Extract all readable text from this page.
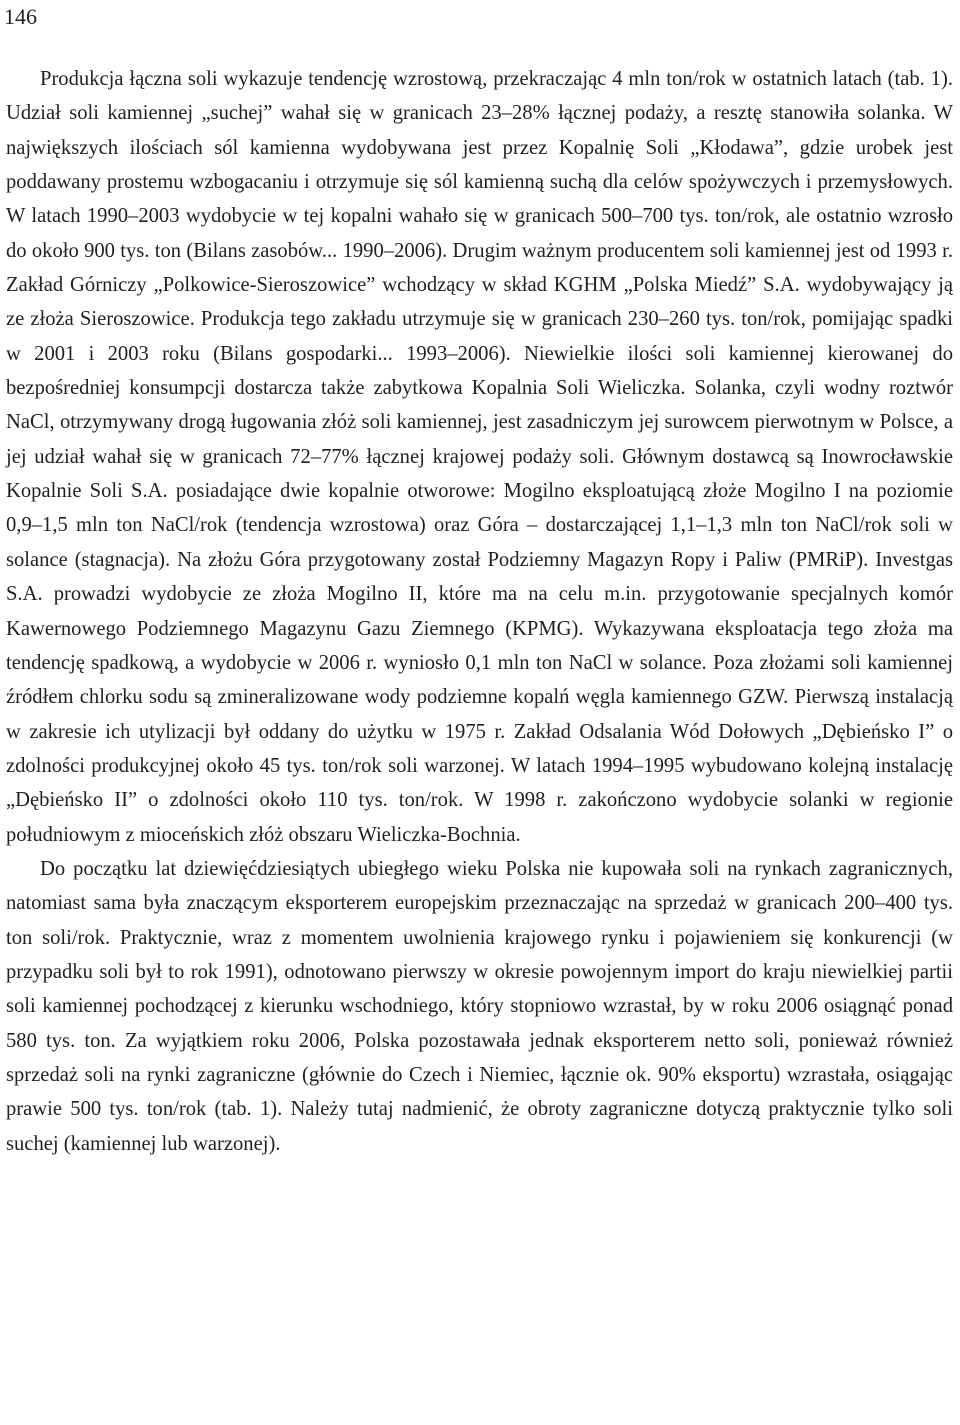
146

Produkcja łączna soli wykazuje tendencję wzrostową, przekraczając 4 mln ton/rok w ostatnich latach (tab. 1). Udział soli kamiennej „suchej” wahał się w granicach 23–28% łącznej podaży, a resztę stanowiła solanka. W największych ilościach sól kamienna wydobywana jest przez Kopalnię Soli „Kłodawa”, gdzie urobek jest poddawany prostemu wzbogacaniu i otrzymuje się sól kamienną suchą dla celów spożywczych i przemysłowych. W latach 1990–2003 wydobycie w tej kopalni wahało się w granicach 500–700 tys. ton/rok, ale ostatnio wzrosło do około 900 tys. ton (Bilans zasobów... 1990–2006). Drugim ważnym producentem soli kamiennej jest od 1993 r. Zakład Górniczy „Polkowice-Sieroszowice” wchodzący w skład KGHM „Polska Miedź” S.A. wydobywający ją ze złoża Sieroszowice. Produkcja tego zakładu utrzymuje się w granicach 230–260 tys. ton/rok, pomijając spadki w 2001 i 2003 roku (Bilans gospodarki... 1993–2006). Niewielkie ilości soli kamiennej kierowanej do bezpośredniej konsumpcji dostarcza także zabytkowa Kopalnia Soli Wieliczka. Solanka, czyli wodny roztwór NaCl, otrzymywany drogą ługowania złóż soli kamiennej, jest zasadniczym jej surowcem pierwotnym w Polsce, a jej udział wahał się w granicach 72–77% łącznej krajowej podaży soli. Głównym dostawcą są Inowrocławskie Kopalnie Soli S.A. posiadające dwie kopalnie otworowe: Mogilno eksploatującą złoże Mogilno I na poziomie 0,9–1,5 mln ton NaCl/rok (tendencja wzrostowa) oraz Góra – dostarczającej 1,1–1,3 mln ton NaCl/rok soli w solance (stagnacja). Na złożu Góra przygotowany został Podziemny Magazyn Ropy i Paliw (PMRiP). Investgas S.A. prowadzi wydobycie ze złoża Mogilno II, które ma na celu m.in. przygotowanie specjalnych komór Kawernowego Podziemnego Magazynu Gazu Ziemnego (KPMG). Wykazywana eksploatacja tego złoża ma tendencję spadkową, a wydobycie w 2006 r. wyniosło 0,1 mln ton NaCl w solance. Poza złożami soli kamiennej źródłem chlorku sodu są zmineralizowane wody podziemne kopalń węgla kamiennego GZW. Pierwszą instalacją w zakresie ich utylizacji był oddany do użytku w 1975 r. Zakład Odsalania Wód Dołowych „Dębieńsko I” o zdolności produkcyjnej około 45 tys. ton/rok soli warzonej. W latach 1994–1995 wybudowano kolejną instalację „Dębieńsko II” o zdolności około 110 tys. ton/rok. W 1998 r. zakończono wydobycie solanki w regionie południowym z mioceńskich złóż obszaru Wieliczka-Bochnia.

Do początku lat dziewięćdziesiątych ubiegłego wieku Polska nie kupowała soli na rynkach zagranicznych, natomiast sama była znaczącym eksporterem europejskim przeznaczając na sprzedaż w granicach 200–400 tys. ton soli/rok. Praktycznie, wraz z momentem uwolnienia krajowego rynku i pojawieniem się konkurencji (w przypadku soli był to rok 1991), odnotowano pierwszy w okresie powojennym import do kraju niewielkiej partii soli kamiennej pochodzącej z kierunku wschodniego, który stopniowo wzrastał, by w roku 2006 osiągnąć ponad 580 tys. ton. Za wyjątkiem roku 2006, Polska pozostawała jednak eksporterem netto soli, ponieważ również sprzedaż soli na rynki zagraniczne (głównie do Czech i Niemiec, łącznie ok. 90% eksportu) wzrastała, osiągając prawie 500 tys. ton/rok (tab. 1). Należy tutaj nadmienić, że obroty zagraniczne dotyczą praktycznie tylko soli suchej (kamiennej lub warzonej).
